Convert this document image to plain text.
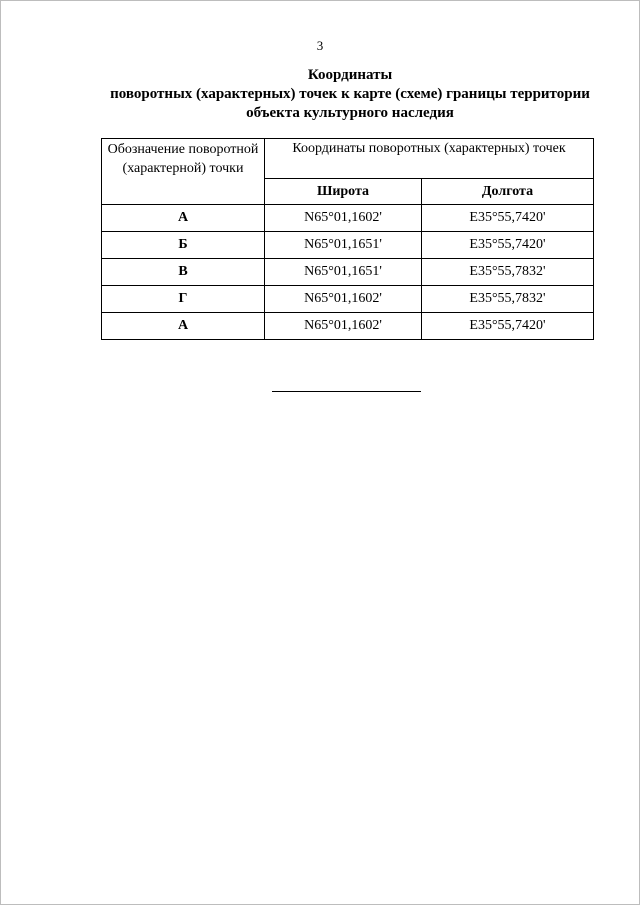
3
Координаты
поворотных (характерных) точек к карте (схеме) границы территории
объекта культурного наследия
Обозначение поворотной (характерной) точки	Координаты поворотных (характерных) точек	
	Широта	Долгота
А	N65°01,1602'	E35°55,7420'
Б	N65°01,1651'	E35°55,7420'
В	N65°01,1651'	E35°55,7832'
Г	N65°01,1602'	E35°55,7832'
А	N65°01,1602'	E35°55,7420'
